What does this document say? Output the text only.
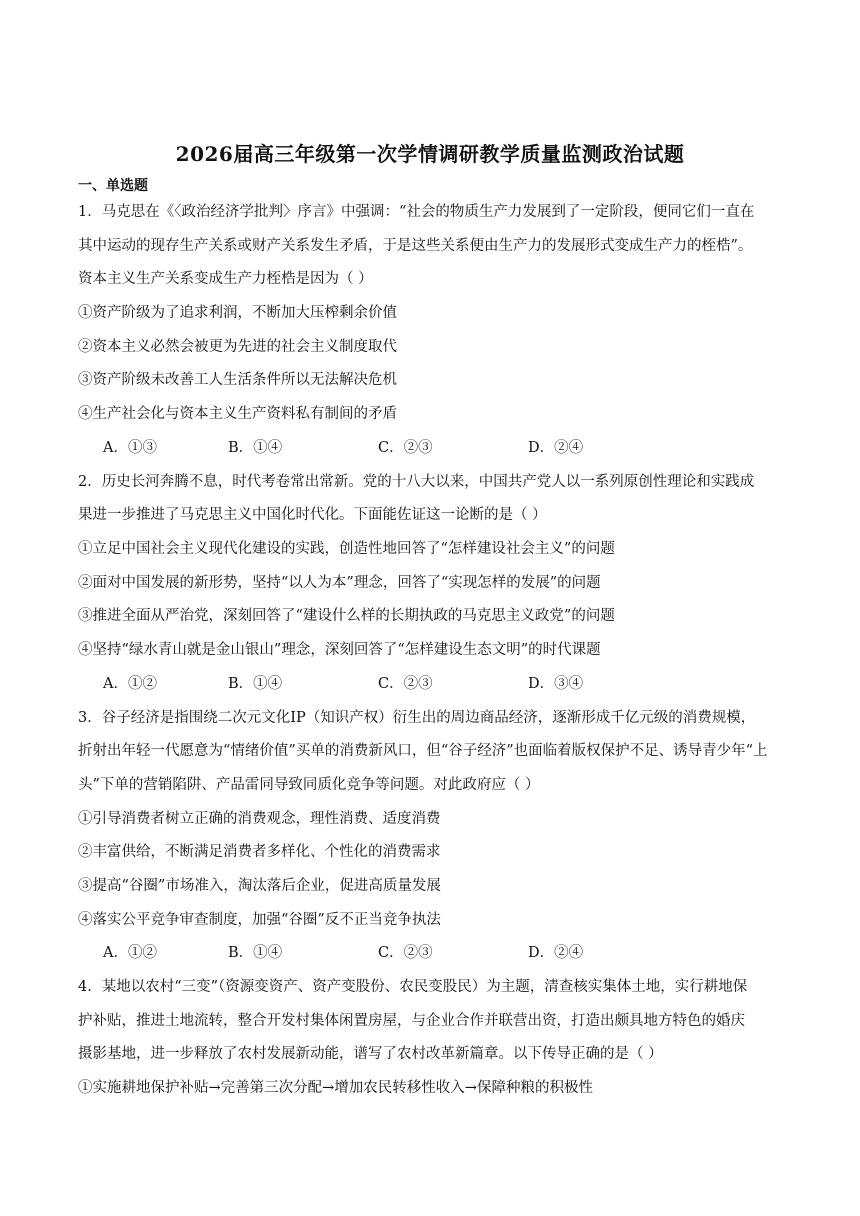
2026届高三年级第一次学情调研教学质量监测政治试题
一、单选题
1．马克思在《〈政治经济学批判〉序言》中强调：“社会的物质生产力发展到了一定阶段，便同它们一直在
其中运动的现存生产关系或财产关系发生矛盾，于是这些关系便由生产力的发展形式变成生产力的桎梏”。
资本主义生产关系变成生产力桎梏是因为（ ）
①资产阶级为了追求利润，不断加大压榨剩余价值
②资本主义必然会被更为先进的社会主义制度取代
③资产阶级未改善工人生活条件所以无法解决危机
④生产社会化与资本主义生产资料私有制间的矛盾
A．①③	B．①④	C．②③	D．②④
2．历史长河奔腾不息，时代考卷常出常新。党的十八大以来，中国共产党人以一系列原创性理论和实践成
果进一步推进了马克思主义中国化时代化。下面能佐证这一论断的是（ ）
①立足中国社会主义现代化建设的实践，创造性地回答了“怎样建设社会主义”的问题
②面对中国发展的新形势，坚持“以人为本”理念，回答了“实现怎样的发展”的问题
③推进全面从严治党，深刻回答了“建设什么样的长期执政的马克思主义政党”的问题
④坚持“绿水青山就是金山银山”理念，深刻回答了“怎样建设生态文明”的时代课题
A．①②	B．①④	C．②③	D．③④
3．谷子经济是指围绕二次元文化IP（知识产权）衍生出的周边商品经济，逐渐形成千亿元级的消费规模，
折射出年轻一代愿意为“情绪价值”买单的消费新风口，但“谷子经济”也面临着版权保护不足、诱导青少年“上
头”下单的营销陷阱、产品雷同导致同质化竞争等问题。对此政府应（ ）
①引导消费者树立正确的消费观念，理性消费、适度消费
②丰富供给，不断满足消费者多样化、个性化的消费需求
③提高“谷圈”市场准入，淘汰落后企业，促进高质量发展
④落实公平竞争审查制度，加强“谷圈”反不正当竞争执法
A．①②	B．①④	C．②③	D．②④
4．某地以农村“三变”（资源变资产、资产变股份、农民变股民）为主题，清查核实集体土地，实行耕地保
护补贴，推进土地流转，整合开发村集体闲置房屋，与企业合作并联营出资，打造出颇具地方特色的婚庆
摄影基地，进一步释放了农村发展新动能，谱写了农村改革新篇章。以下传导正确的是（ ）
①实施耕地保护补贴→完善第三次分配→增加农民转移性收入→保障种粮的积极性
